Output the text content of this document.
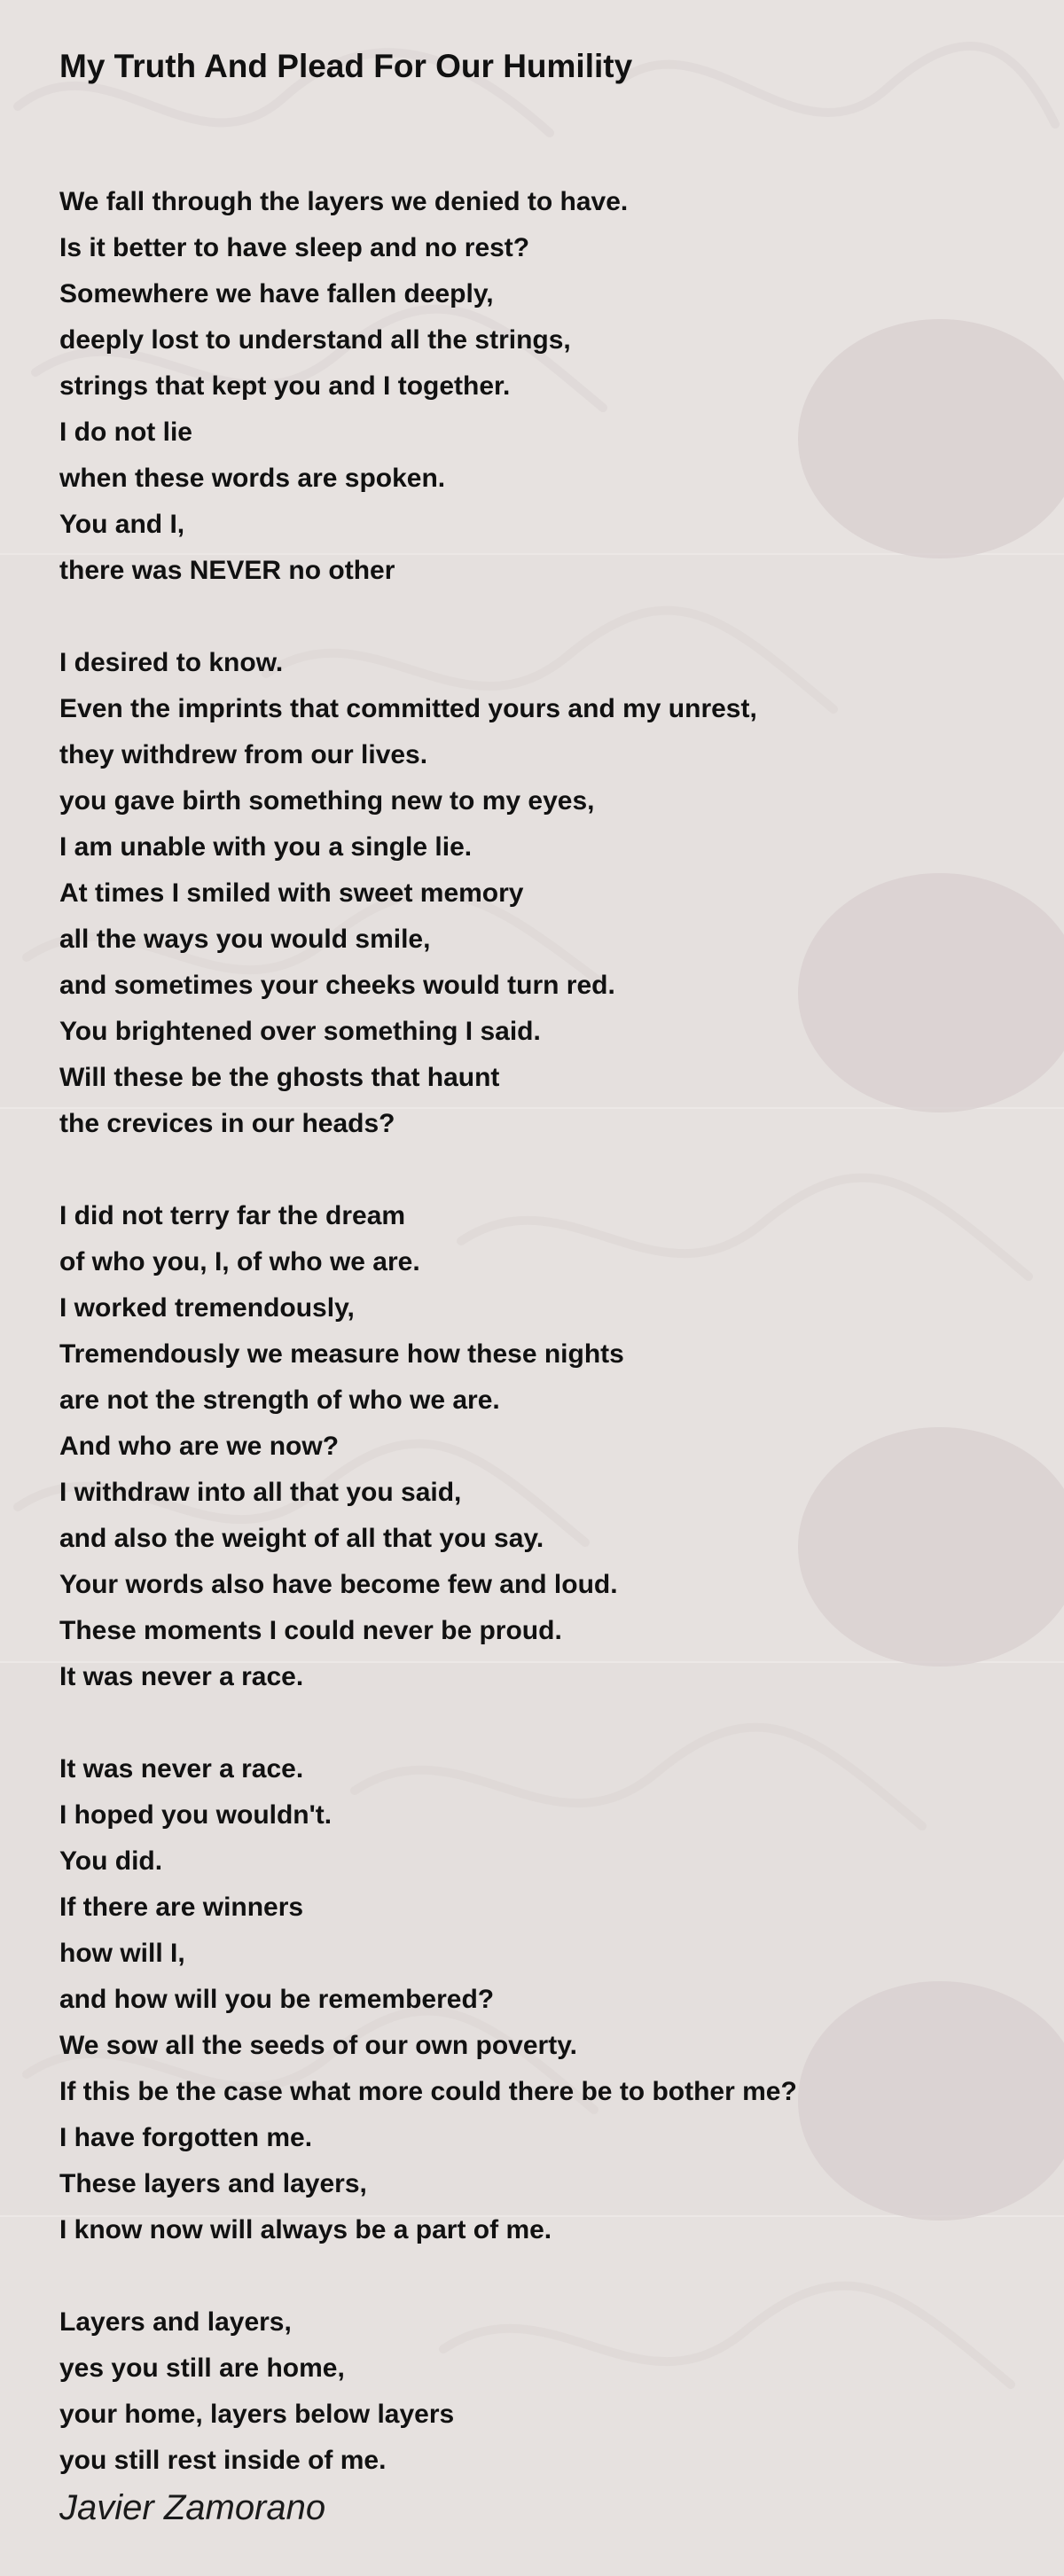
My Truth And Plead For Our Humility
We fall through the layers we denied to have.
Is it better to have sleep and no rest?
Somewhere we have fallen deeply,
deeply lost to understand all the strings,
strings that kept you and I together.
I do not lie
when these words are spoken.
You and I,
there was NEVER no other
I desired to know.
Even the imprints that committed yours and my unrest,
they withdrew from our lives.
you gave birth something new to my eyes,
I am unable with you a single lie.
At times I smiled with sweet memory
all the ways you would smile,
and sometimes your cheeks would turn red.
You brightened over something I said.
Will these be the ghosts that haunt
the crevices in our heads?
I did not terry far the dream
of who you, I, of who we are.
I worked tremendously,
Tremendously we measure how these nights
are not the strength of who we are.
And who are we now?
I withdraw into all that you said,
and also the weight of all that you say.
Your words also have become few and loud.
These moments I could never be proud.
It was never a race.
It was never a race.
I hoped you wouldn't.
You did.
If there are winners
how will I,
and how will you be remembered?
We sow all the seeds of our own poverty.
If this be the case what more could there be to bother me?
I have forgotten me.
These layers and layers,
I know now will always be a part of me.
Layers and layers,
yes you still are home,
your home, layers below layers
you still rest inside of me.
Javier Zamorano
